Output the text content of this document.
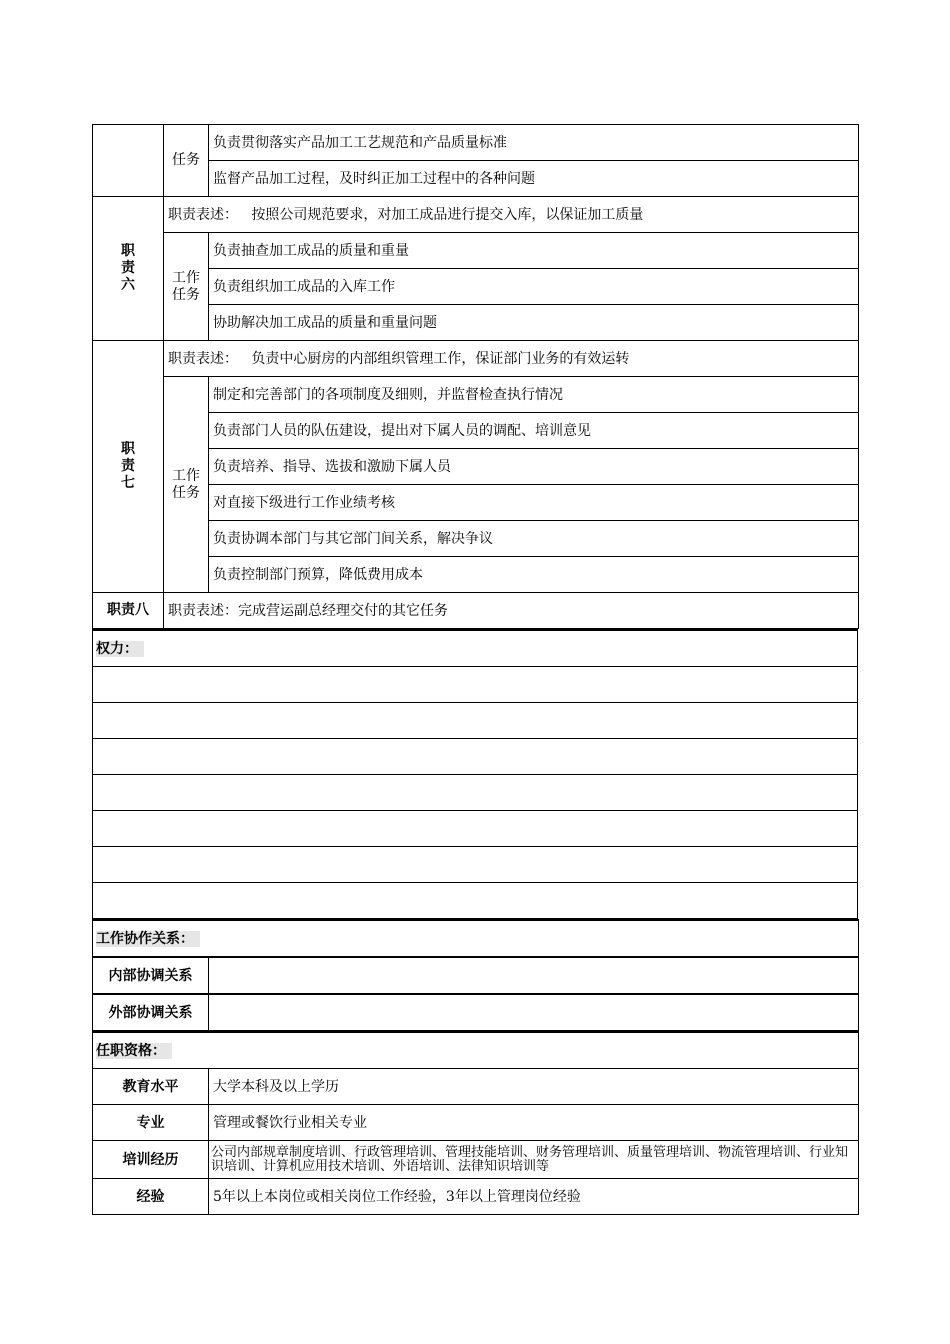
	任务	负责贯彻落实产品加工工艺规范和产品质量标准
		监督产品加工过程，及时纠正加工过程中的各种问题

职责六	职责表述：   按照公司规范要求，对加工成品进行提交入库，以保证加工质量	

	工作任务	负责抽查加工成品的质量和重量
		负责组织加工成品的入库工作
		协助解决加工成品的质量和重量问题

职责七	职责表述：   负责中心厨房的内部组织管理工作，保证部门业务的有效运转	

	工作任务	制定和完善部门的各项制度及细则，并监督检查执行情况
		负责部门人员的队伍建设，提出对下属人员的调配、培训意见
		负责培养、指导、选拔和激励下属人员
		对直接下级进行工作业绩考核
		负责协调本部门与其它部门间关系，解决争议
		负责控制部门预算，降低费用成本
职责八	职责表述：完成营运副总经理交付的其它任务	
权力：

工作协作关系：	
内部协调关系	
外部协调关系	
任职资格：	
教育水平	大学本科及以上学历
专业	管理或餐饮行业相关专业
培训经历	公司内部规章制度培训、行政管理培训、管理技能培训、财务管理培训、质量管理培训、物流管理培训、行业知识培训、计算机应用技术培训、外语培训、法律知识培训等
经验	5年以上本岗位或相关岗位工作经验，3年以上管理岗位经验
